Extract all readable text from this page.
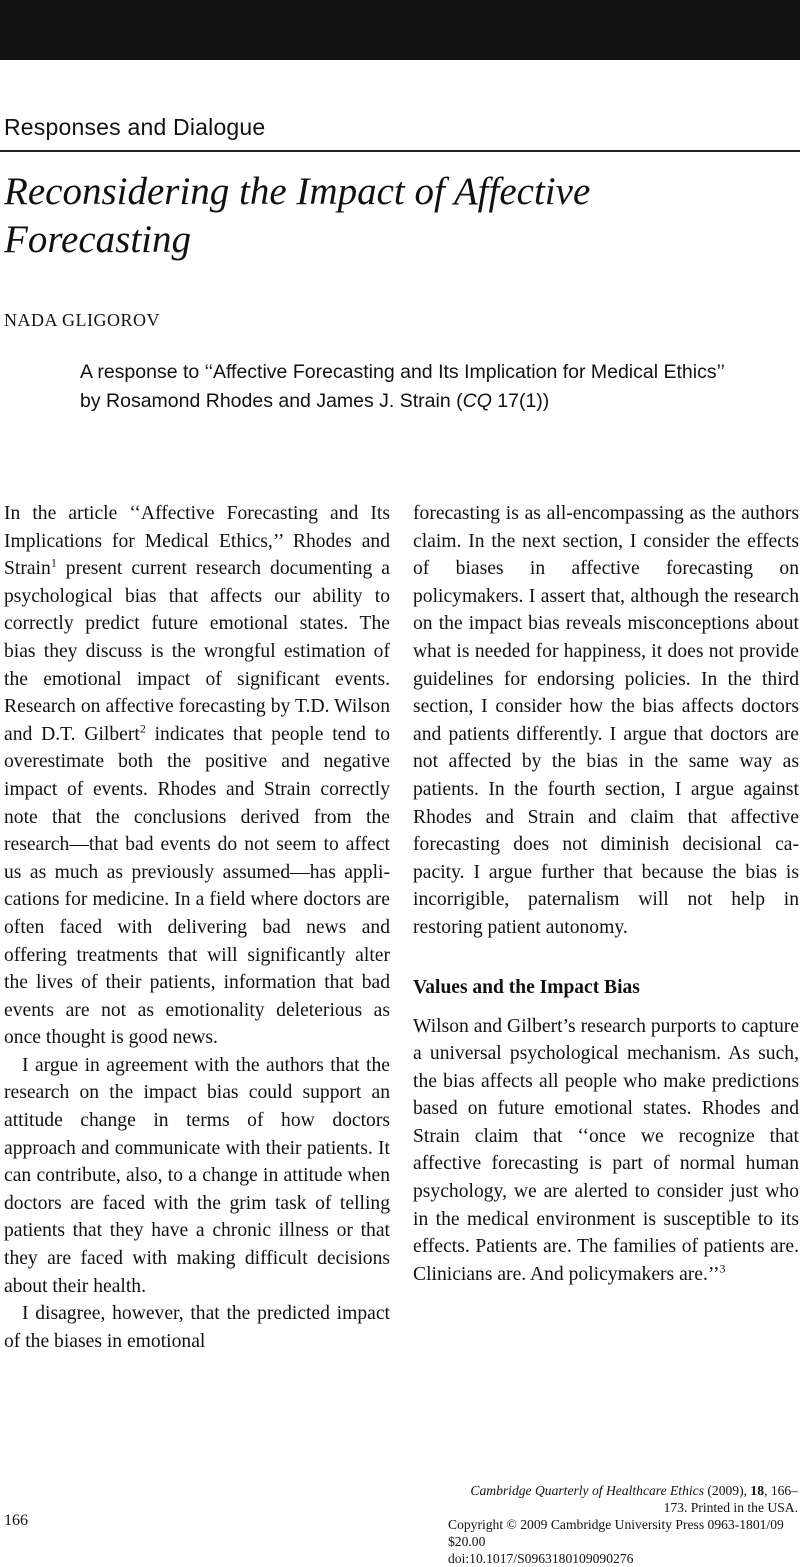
Responses and Dialogue
Reconsidering the Impact of Affective Forecasting
NADA GLIGOROV
A response to ‘‘Affective Forecasting and Its Implication for Medical Ethics’’ by Rosamond Rhodes and James J. Strain (CQ 17(1))

In the article ‘‘Affective Forecasting and Its Implications for Medical Ethics,’’ Rhodes and Strain$^1$ present current research documenting a psychological bias that affects our ability to correctly predict future emotional states. The bias they discuss is the wrongful estimation of the emotional impact of significant events. Research on affective forecasting by T.D. Wilson and D.T. Gilbert$^2$ indicates that people tend to overestimate both the positive and negative impact of events. Rhodes and Strain correctly note that the conclusions derived from the research—that bad events do not seem to affect us as much as previously assumed—has applications for medicine. In a field where doctors are often faced with delivering bad news and offering treatments that will significantly alter the lives of their patients, information that bad events are not as emotionality deleterious as once thought is good news.

I argue in agreement with the authors that the research on the impact bias could support an attitude change in terms of how doctors approach and communicate with their patients. It can contribute, also, to a change in attitude when doctors are faced with the grim task of telling patients that they have a chronic illness or that they are faced with making difficult decisions about their health.

I disagree, however, that the predicted impact of the biases in emotional

forecasting is as all-encompassing as the authors claim. In the next section, I consider the effects of biases in affective forecasting on policymakers. I assert that, although the research on the impact bias reveals misconceptions about what is needed for happiness, it does not provide guidelines for endorsing policies. In the third section, I consider how the bias affects doctors and patients differently. I argue that doctors are not affected by the bias in the same way as patients. In the fourth section, I argue against Rhodes and Strain and claim that affective forecasting does not diminish decisional capacity. I argue further that because the bias is incorrigible, paternalism will not help in restoring patient autonomy.

Values and the Impact Bias

Wilson and Gilbert’s research purports to capture a universal psychological mechanism. As such, the bias affects all people who make predictions based on future emotional states. Rhodes and Strain claim that ‘‘once we recognize that affective forecasting is part of normal human psychology, we are alerted to consider just who in the medical environment is susceptible to its effects. Patients are. The families of patients are. Clinicians are. And policymakers are.’’$^3$

Cambridge Quarterly of Healthcare Ethics (2009), 18, 166–173. Printed in the USA.
Copyright © 2009 Cambridge University Press 0963-1801/09 $20.00
doi:10.1017/S0963180109090276
166
